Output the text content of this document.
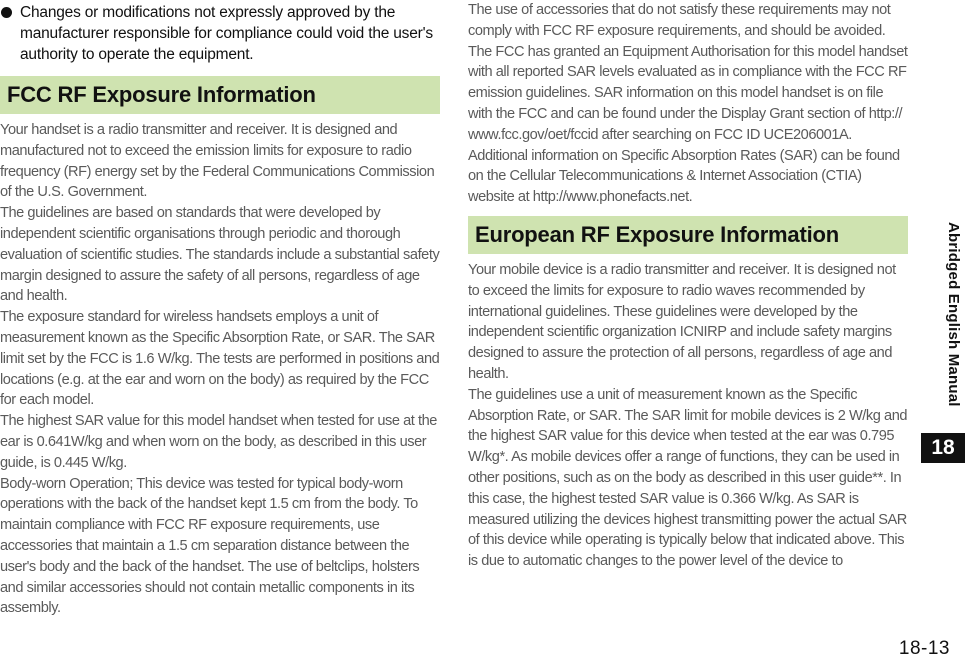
Changes or modifications not expressly approved by the manufacturer responsible for compliance could void the user's authority to operate the equipment.
FCC RF Exposure Information

Your handset is a radio transmitter and receiver. It is designed and manufactured not to exceed the emission limits for exposure to radio frequency (RF) energy set by the Federal Communications Commission of the U.S. Government.

The guidelines are based on standards that were developed by independent scientific organisations through periodic and thorough evaluation of scientific studies. The standards include a substantial safety margin designed to assure the safety of all persons, regardless of age and health.

The exposure standard for wireless handsets employs a unit of measurement known as the Specific Absorption Rate, or SAR. The SAR limit set by the FCC is 1.6 W/kg. The tests are performed in positions and locations (e.g. at the ear and worn on the body) as required by the FCC for each model.

The highest SAR value for this model handset when tested for use at the ear is 0.641W/kg and when worn on the body, as described in this user guide, is 0.445 W/kg.

Body-worn Operation; This device was tested for typical body-worn operations with the back of the handset kept 1.5 cm from the body. To maintain compliance with FCC RF exposure requirements, use accessories that maintain a 1.5 cm separation distance between the user's body and the back of the handset. The use of beltclips, holsters and similar accessories should not contain metallic components in its assembly.

The use of accessories that do not satisfy these requirements may not comply with FCC RF exposure requirements, and should be avoided. The FCC has granted an Equipment Authorisation for this model handset with all reported SAR levels evaluated as in compliance with the FCC RF emission guidelines. SAR information on this model handset is on file with the FCC and can be found under the Display Grant section of http:// www.fcc.gov/oet/fccid after searching on FCC ID UCE206001A. Additional information on Specific Absorption Rates (SAR) can be found on the Cellular Telecommunications & Internet Association (CTIA) website at http://www.phonefacts.net.

European RF Exposure Information

Your mobile device is a radio transmitter and receiver. It is designed not to exceed the limits for exposure to radio waves recommended by international guidelines. These guidelines were developed by the independent scientific organization ICNIRP and include safety margins designed to assure the protection of all persons, regardless of age and health.

The guidelines use a unit of measurement known as the Specific Absorption Rate, or SAR. The SAR limit for mobile devices is 2 W/kg and the highest SAR value for this device when tested at the ear was 0.795 W/kg*. As mobile devices offer a range of functions, they can be used in other positions, such as on the body as described in this user guide**. In this case, the highest tested SAR value is 0.366 W/kg. As SAR is measured utilizing the devices highest transmitting power the actual SAR of this device while operating is typically below that indicated above. This is due to automatic changes to the power level of the device to

Abridged English Manual
18
18-13
